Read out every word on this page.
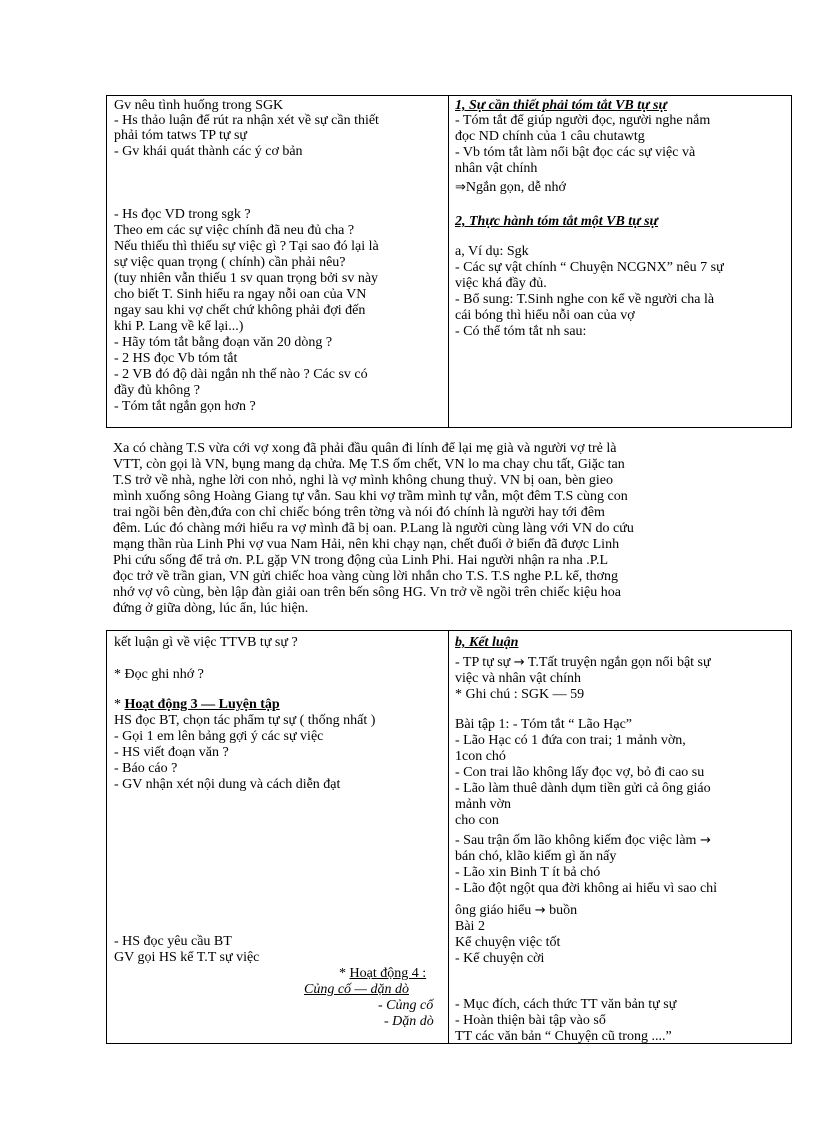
Gv nêu tình huống trong SGK
- Hs thảo luận để rút ra nhận xét về sự cần thiết
phải tóm tatws TP tự sự
- Gv khái quát thành các ý cơ bản
- Hs đọc VD trong sgk ?
Theo em các sự việc chính đã neu đủ cha ?
Nếu thiếu thì thiếu sự việc gì ? Tại sao đó lại là
sự việc quan trọng ( chính) cần phải nêu?
(tuy nhiên vẫn thiếu 1 sv quan trọng bởi sv này
cho biết T. Sinh hiểu ra ngay nỗi oan của VN
ngay sau khi vợ chết chứ không phải đợi đến
khi P. Lang về kể lại...)
- Hãy tóm tắt bằng đoạn văn 20 dòng ?
- 2 HS đọc Vb tóm tắt
- 2 VB đó độ dài ngắn nh thế nào ? Các sv có
đầy đủ không ?
- Tóm tắt ngắn gọn hơn ?
1, Sự cần thiết phải tóm tắt VB tự sự
- Tóm tắt để giúp người đọc, người nghe nắm
đọc ND chính của 1 câu chutawtg
- Vb tóm tắt làm nổi bật đọc các sự việc và
nhân vật chính
⇒Ngắn gọn, dễ nhớ
2, Thực hành tóm tắt một VB tự sự
a, Ví dụ: Sgk
- Các sự vật chính “ Chuyện NCGNX” nêu 7 sự
việc khá đầy đủ.
- Bổ sung: T.Sinh nghe con kể về người cha là
cái bóng thì hiểu nỗi oan của vợ
- Có thể tóm tắt nh sau:
Xa có chàng T.S vừa cới vợ xong đã phải đầu quân đi lính để lại mẹ già và người vợ trẻ là
VTT, còn gọi là VN, bụng mang dạ chửa. Mẹ T.S ốm chết, VN lo ma chay chu tất, Giặc tan
T.S trở về nhà, nghe lời con nhỏ, nghi là vợ mình không chung thuỷ. VN bị oan, bèn gieo
mình xuống sông Hoàng Giang tự vẫn. Sau khi vợ trầm mình tự vẫn, một đêm T.S cùng con
trai ngồi bên đèn,đứa con chỉ chiếc bóng trên tờng và nói đó chính là người hay tới đêm
đêm. Lúc đó chàng mới hiểu ra vợ mình đã bị oan. P.Lang là người cùng làng với VN do cứu
mạng thần rùa Linh Phi vợ vua Nam Hải, nên khi chạy nạn, chết đuối ở biển đã được Linh
Phi cứu sống để trả ơn. P.L gặp VN trong động của Linh Phi. Hai người nhận ra nha .P.L
đọc trở về trần gian, VN gửi chiếc hoa vàng cùng lời nhắn cho T.S. T.S nghe P.L kể, thơng
nhớ vợ vô cùng, bèn lập đàn giải oan trên bến sông HG. Vn trở về ngồi trên chiếc kiệu hoa
đứng ở giữa dòng, lúc ẩn, lúc hiện.
kết luận gì về việc TTVB tự sự ?
* Đọc ghi nhớ ?
* Hoạt động 3 — Luyện tập
HS đọc BT, chọn tác phẩm tự sự ( thống nhất )
- Gọi 1 em lên bảng gợi ý các sự việc
- HS viết đoạn văn ?
- Báo cáo ?
- GV nhận xét nội dung và cách diễn đạt
- HS đọc yêu cầu BT
GV gọi HS kể T.T sự việc
* Hoạt động 4 :
Củng cố — dặn dò
- Củng cố
- Dặn dò
b, Kết luận
- TP tự sự → T.Tất truyện ngắn gọn nổi bật sự
việc và nhân vật chính
* Ghi chú : SGK — 59
Bài tập 1: - Tóm tắt “ Lão Hạc”
- Lão Hạc có 1 đứa con trai; 1 mảnh vờn,
1con chó
- Con trai lão không lấy đọc vợ, bỏ đi cao su
- Lão làm thuê dành dụm tiền gửi cả ông giáo
mảnh vờn
cho con
- Sau trận ốm lão không kiếm đọc việc làm →
bán chó, klão kiếm gì ăn nấy
- Lão xin Binh T ít bả chó
- Lão đột ngột qua đời không ai hiểu vì sao chỉ
ông giáo hiểu → buồn
Bài 2
Kể chuyện việc tốt
- Kể chuyện cời
- Mục đích, cách thức TT văn bản tự sự
- Hoàn thiện bài tập vào sổ
TT các văn bản “ Chuyện cũ trong ....”
